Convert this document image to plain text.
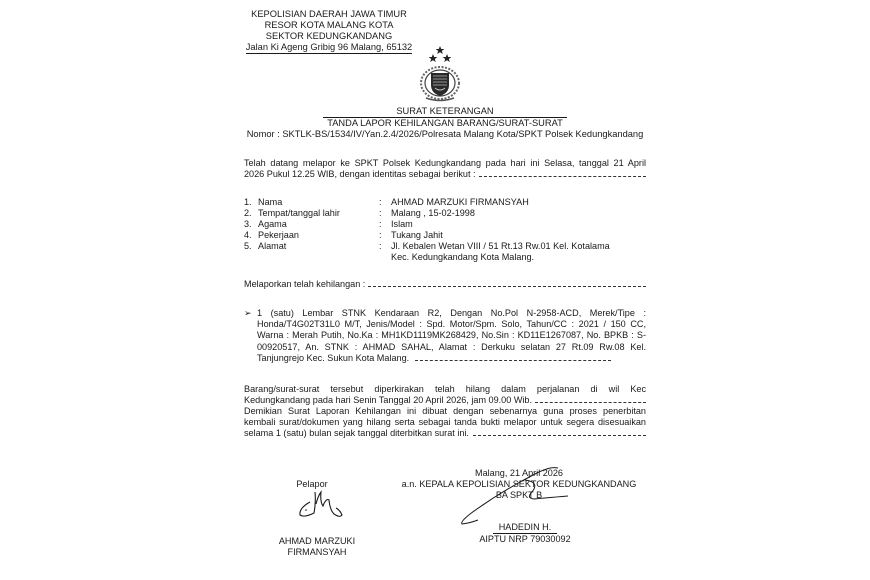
KEPOLISIAN DAERAH JAWA TIMUR
RESOR KOTA MALANG KOTA
SEKTOR KEDUNGKANDANG
Jalan Ki Ageng Gribig 96 Malang, 65132
SURAT KETERANGAN
TANDA LAPOR KEHILANGAN BARANG/SURAT-SURAT
Nomor : SKTLK-BS/1534/IV/Yan.2.4/2026/Polresata Malang Kota/SPKT Polsek Kedungkandang
Telah datang melapor ke SPKT Polsek Kedungkandang pada hari ini Selasa, tanggal 21 April
2026 Pukul 12.25 WIB, dengan identitas sebagai berikut :
1. Nama	:	AHMAD MARZUKI FIRMANSYAH
2. Tempat/tanggal lahir	:	Malang , 15-02-1998
3. Agama	:	Islam
4. Pekerjaan	:	Tukang Jahit
5. Alamat	:	Jl. Kebalen Wetan VIII / 51 Rt.13 Rw.01 Kel. Kotalama
Kec. Kedungkandang Kota Malang.
Melaporkan telah kehilangan :
➢ 1 (satu) Lembar STNK Kendaraan R2, Dengan No.Pol N-2958-ACD, Merek/Tipe : Honda/T4G02T31L0 M/T, Jenis/Model : Spd. Motor/Spm. Solo, Tahun/CC : 2021 / 150 CC, Warna : Merah Putih, No.Ka : MH1KD1119MK268429, No.Sin : KD11E1267087, No. BPKB : S-00920517, An. STNK : AHMAD SAHAL, Alamat : Derkuku selatan 27 Rt.09 Rw.08 Kel. Tanjungrejo Kec. Sukun Kota Malang.
Barang/surat-surat tersebut diperkirakan telah hilang dalam perjalanan di wil Kec
Kedungkandang pada hari Senin Tanggal 20 April 2026, jam 09.00 Wib.
Demikian Surat Laporan Kehilangan ini dibuat dengan sebenarnya guna proses penerbitan
kembali surat/dokumen yang hilang serta sebagai tanda bukti melapor untuk segera disesuaikan
selama 1 (satu) bulan sejak tanggal diterbitkan surat ini.
Pelapor
AHMAD MARZUKI
FIRMANSYAH
Malang, 21 April 2026
a.n. KEPALA KEPOLISIAN SEKTOR KEDUNGKANDANG
BA SPKT B
HADEDIN H.
AIPTU NRP 79030092
